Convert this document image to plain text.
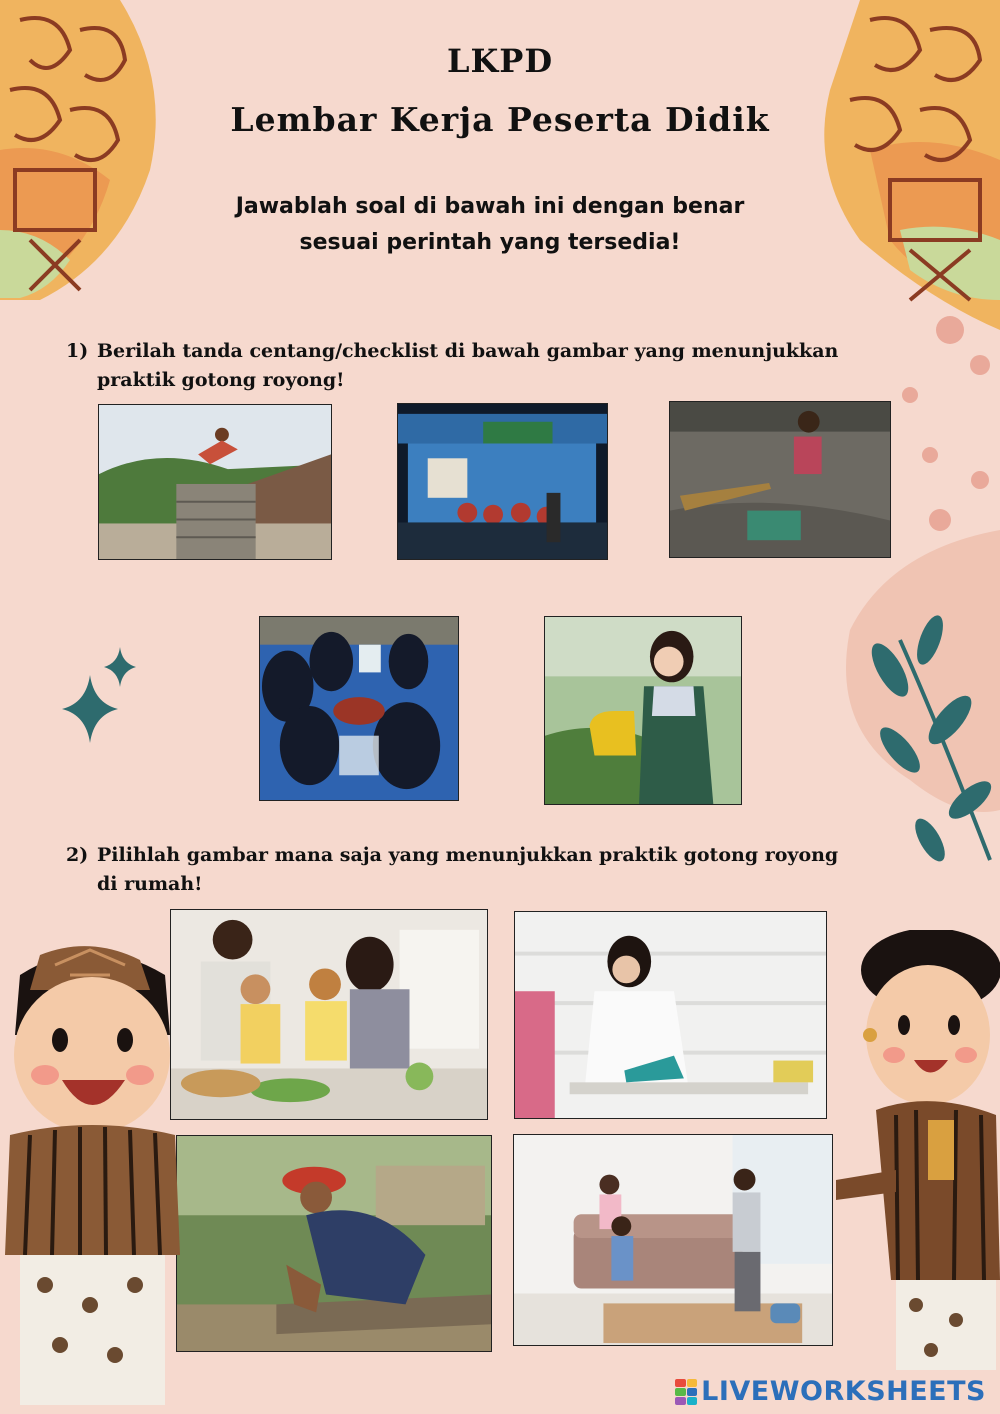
LKPD
Lembar Kerja Peserta Didik
Jawablah soal di bawah ini dengan benar
sesuai perintah yang tersedia!
1) Berilah tanda centang/checklist di bawah gambar yang menunjukkan
praktik gotong royong!
2) Pilihlah gambar mana saja yang menunjukkan praktik gotong royong
di rumah!
LIVEWORKSHEETS
